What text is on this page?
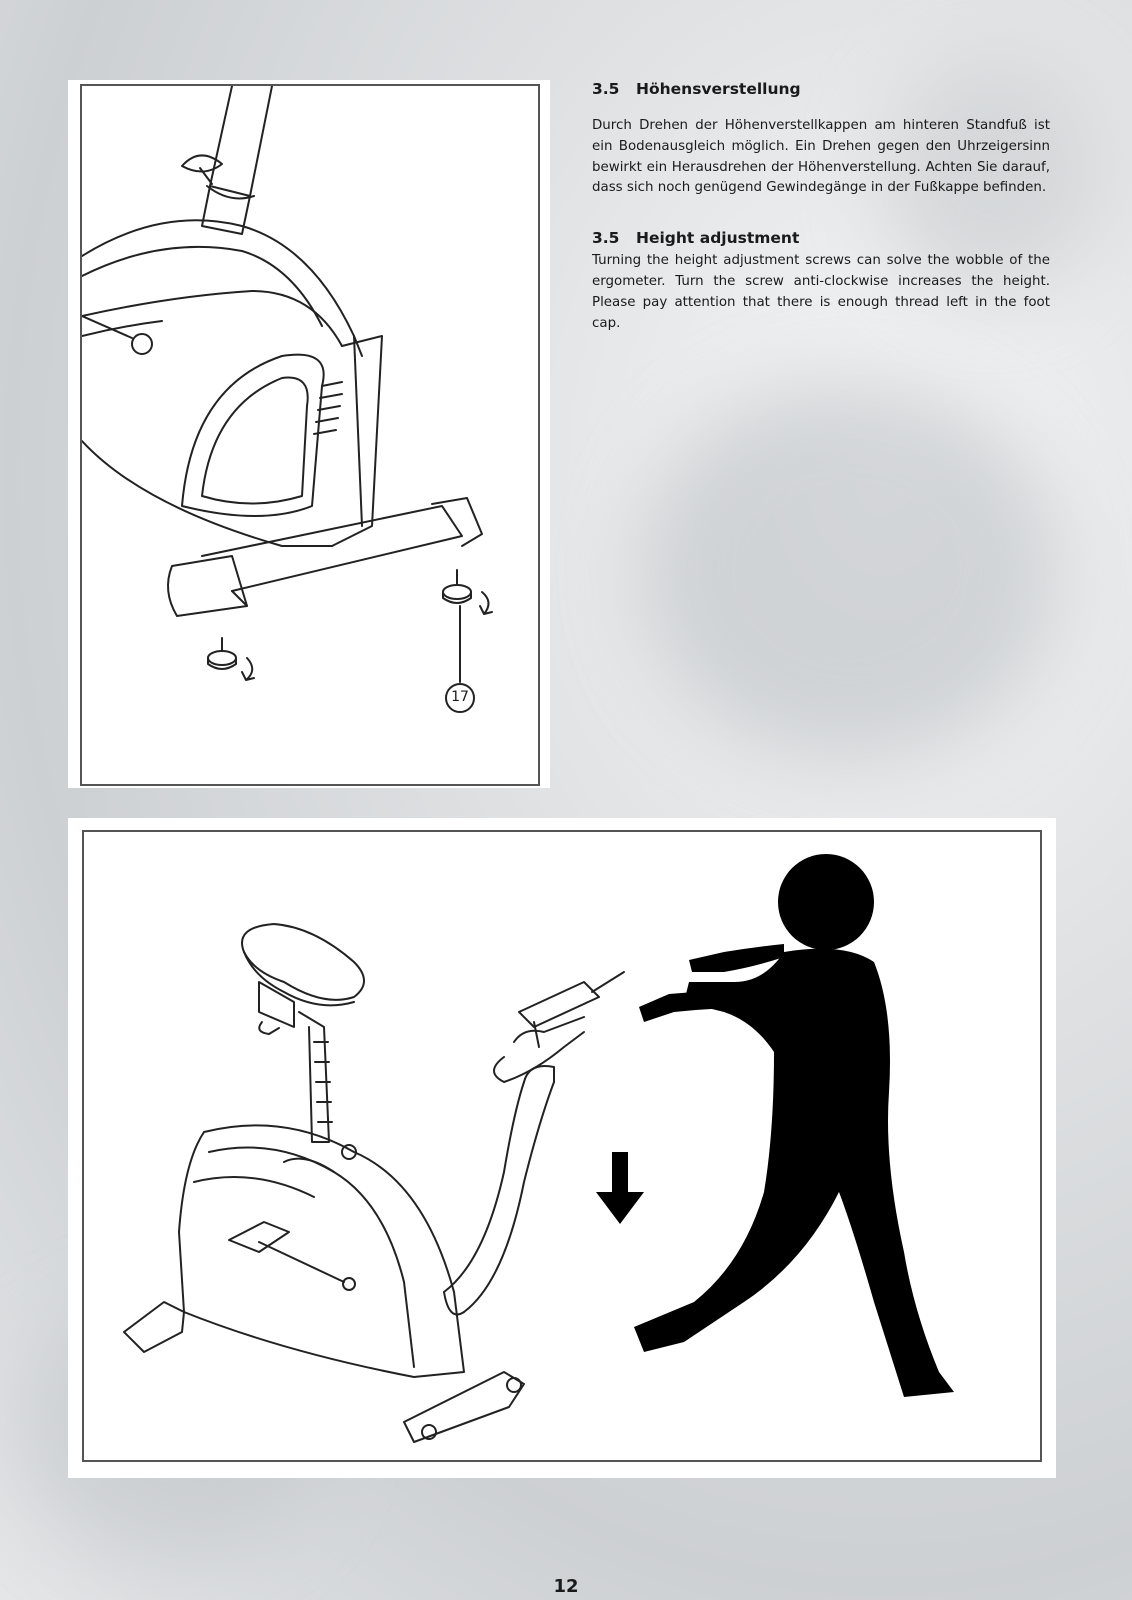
17
3.5 Höhensverstellung

Durch Drehen der Höhenverstellkappen am hinteren Standfuß ist ein Bodenausgleich möglich. Ein Drehen gegen den Uhrzeigersinn bewirkt ein Herausdrehen der Höhenverstellung. Achten Sie darauf, dass sich noch genügend Gewindegänge in der Fußkappe befinden.

3.5 Height adjustment

Turning the height adjustment screws can solve the wobble of the ergometer. Turn the screw anti-clockwise increases the height. Please pay attention that there is enough thread left in the foot cap.

12
